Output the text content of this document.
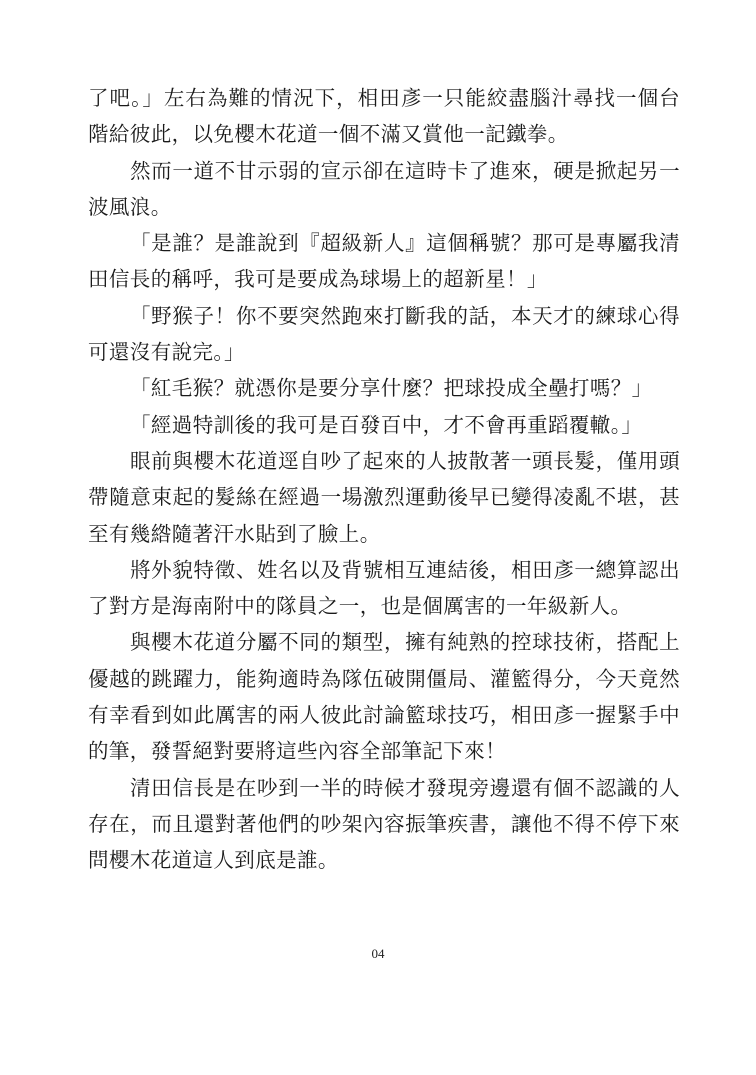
了吧。」左右為難的情況下，相田彥一只能絞盡腦汁尋找一個台階給彼此，以免櫻木花道一個不滿又賞他一記鐵拳。

然而一道不甘示弱的宣示卻在這時卡了進來，硬是掀起另一波風浪。

「是誰？是誰說到『超級新人』這個稱號？那可是專屬我清田信長的稱呼，我可是要成為球場上的超新星！」

「野猴子！你不要突然跑來打斷我的話，本天才的練球心得可還沒有說完。」

「紅毛猴？就憑你是要分享什麼？把球投成全壘打嗎？」

「經過特訓後的我可是百發百中，才不會再重蹈覆轍。」

眼前與櫻木花道逕自吵了起來的人披散著一頭長髮，僅用頭帶隨意束起的髮絲在經過一場激烈運動後早已變得凌亂不堪，甚至有幾綹隨著汗水貼到了臉上。

將外貌特徵、姓名以及背號相互連結後，相田彥一總算認出了對方是海南附中的隊員之一，也是個厲害的一年級新人。

與櫻木花道分屬不同的類型，擁有純熟的控球技術，搭配上優越的跳躍力，能夠適時為隊伍破開僵局、灌籃得分，今天竟然有幸看到如此厲害的兩人彼此討論籃球技巧，相田彥一握緊手中的筆，發誓絕對要將這些內容全部筆記下來！

清田信長是在吵到一半的時候才發現旁邊還有個不認識的人存在，而且還對著他們的吵架內容振筆疾書，讓他不得不停下來問櫻木花道這人到底是誰。

04
